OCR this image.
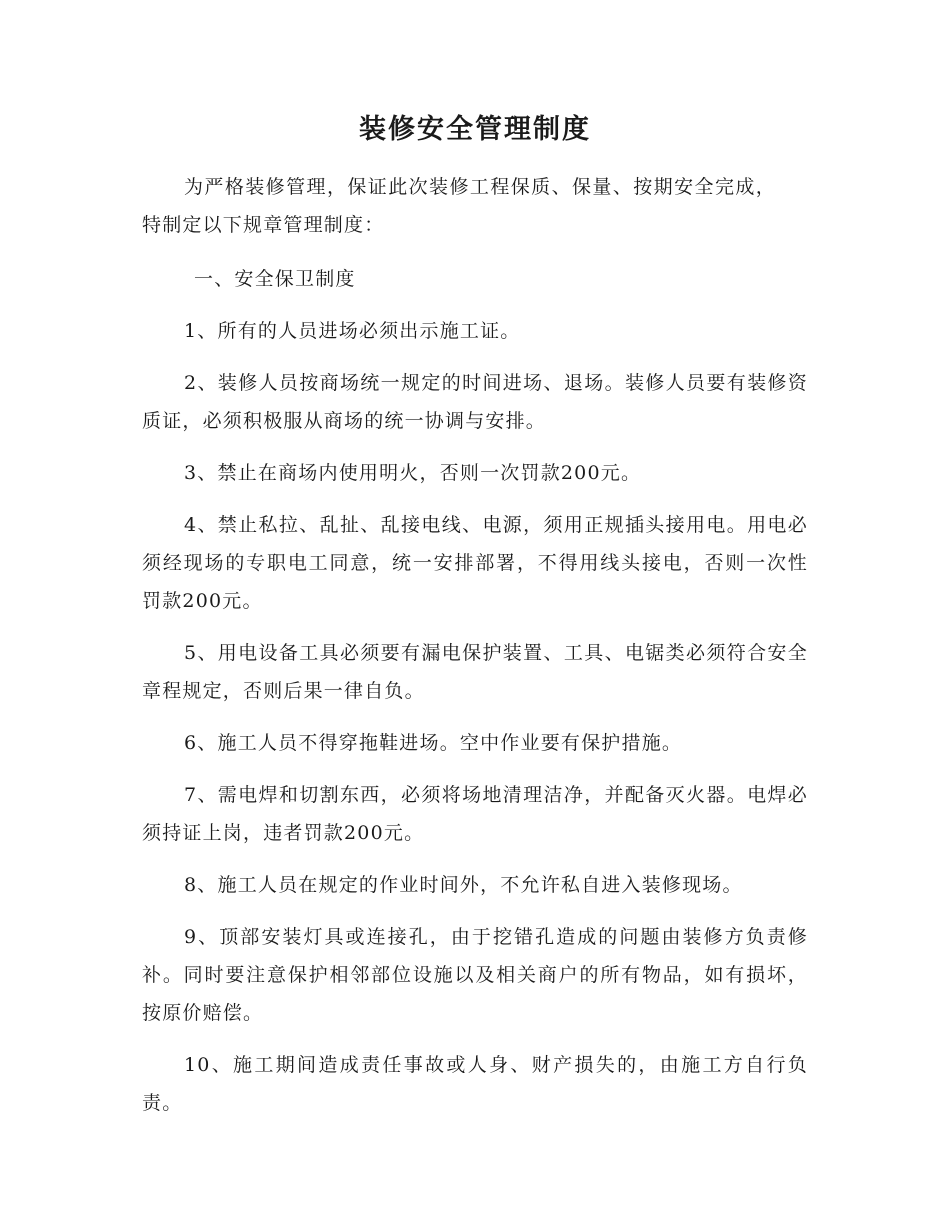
装修安全管理制度

为严格装修管理，保证此次装修工程保质、保量、按期安全完成，特制定以下规章管理制度：

一、安全保卫制度

1、所有的人员进场必须出示施工证。

2、装修人员按商场统一规定的时间进场、退场。装修人员要有装修资质证，必须积极服从商场的统一协调与安排。

3、禁止在商场内使用明火，否则一次罚款200元。

4、禁止私拉、乱扯、乱接电线、电源，须用正规插头接用电。用电必须经现场的专职电工同意，统一安排部署，不得用线头接电，否则一次性罚款200元。

5、用电设备工具必须要有漏电保护装置、工具、电锯类必须符合安全章程规定，否则后果一律自负。

6、施工人员不得穿拖鞋进场。空中作业要有保护措施。

7、需电焊和切割东西，必须将场地清理洁净，并配备灭火器。电焊必须持证上岗，违者罚款200元。

8、施工人员在规定的作业时间外，不允许私自进入装修现场。

9、顶部安装灯具或连接孔，由于挖错孔造成的问题由装修方负责修补。同时要注意保护相邻部位设施以及相关商户的所有物品，如有损坏，按原价赔偿。

10、施工期间造成责任事故或人身、财产损失的，由施工方自行负责。
